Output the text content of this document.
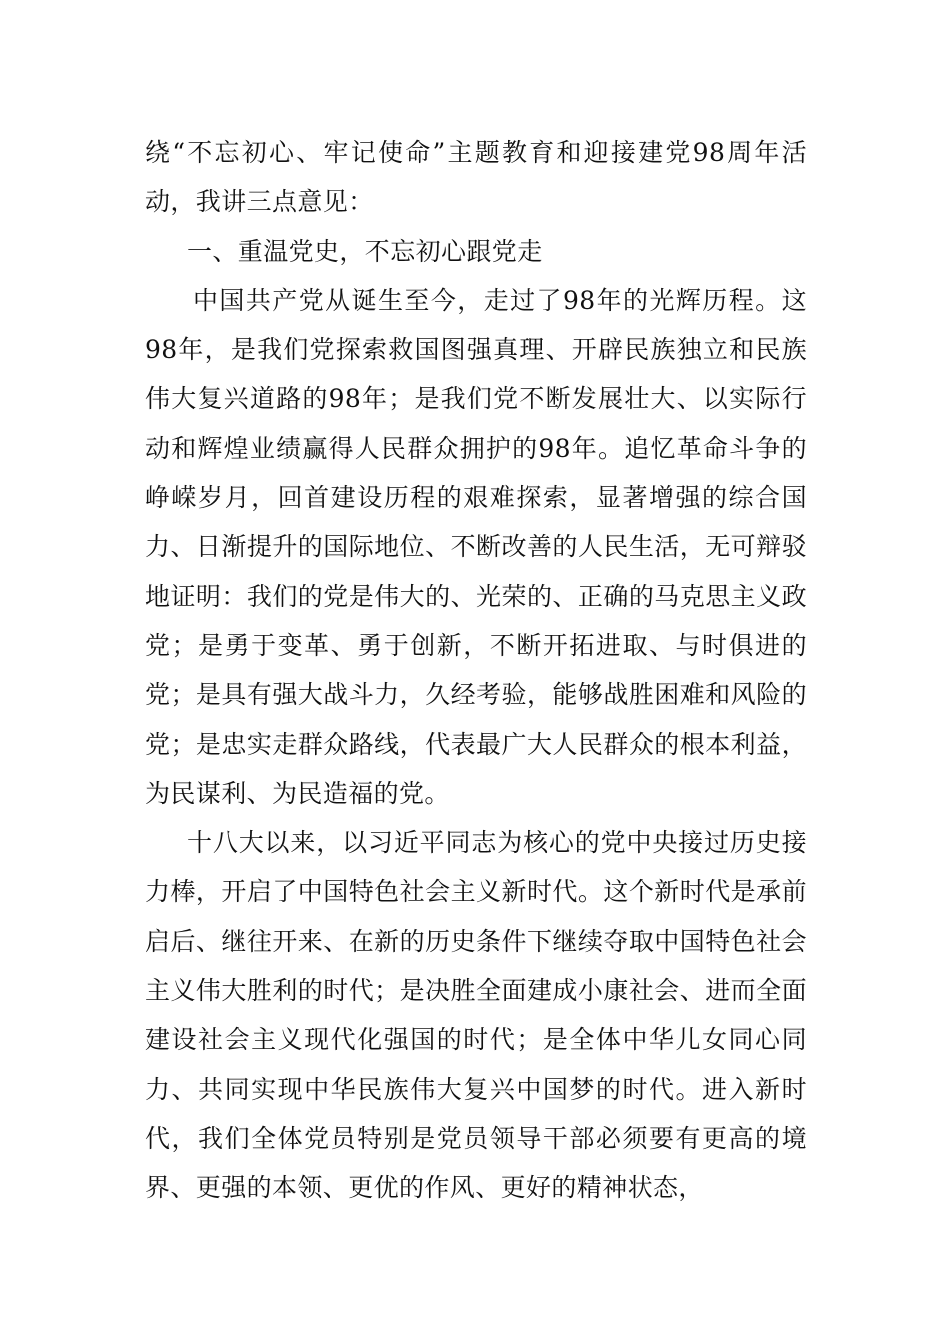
绕“不忘初心、牢记使命”主题教育和迎接建党98周年活动，我讲三点意见：

一、重温党史，不忘初心跟党走

中国共产党从诞生至今，走过了98年的光辉历程。这98年，是我们党探索救国图强真理、开辟民族独立和民族伟大复兴道路的98年；是我们党不断发展壮大、以实际行动和辉煌业绩赢得人民群众拥护的98年。追忆革命斗争的峥嵘岁月，回首建设历程的艰难探索，显著增强的综合国力、日渐提升的国际地位、不断改善的人民生活，无可辩驳地证明：我们的党是伟大的、光荣的、正确的马克思主义政党；是勇于变革、勇于创新，不断开拓进取、与时俱进的党；是具有强大战斗力，久经考验，能够战胜困难和风险的党；是忠实走群众路线，代表最广大人民群众的根本利益，为民谋利、为民造福的党。

十八大以来，以习近平同志为核心的党中央接过历史接力棒，开启了中国特色社会主义新时代。这个新时代是承前启后、继往开来、在新的历史条件下继续夺取中国特色社会主义伟大胜利的时代；是决胜全面建成小康社会、进而全面建设社会主义现代化强国的时代；是全体中华儿女同心同力、共同实现中华民族伟大复兴中国梦的时代。进入新时代，我们全体党员特别是党员领导干部必须要有更高的境界、更强的本领、更优的作风、更好的精神状态，
